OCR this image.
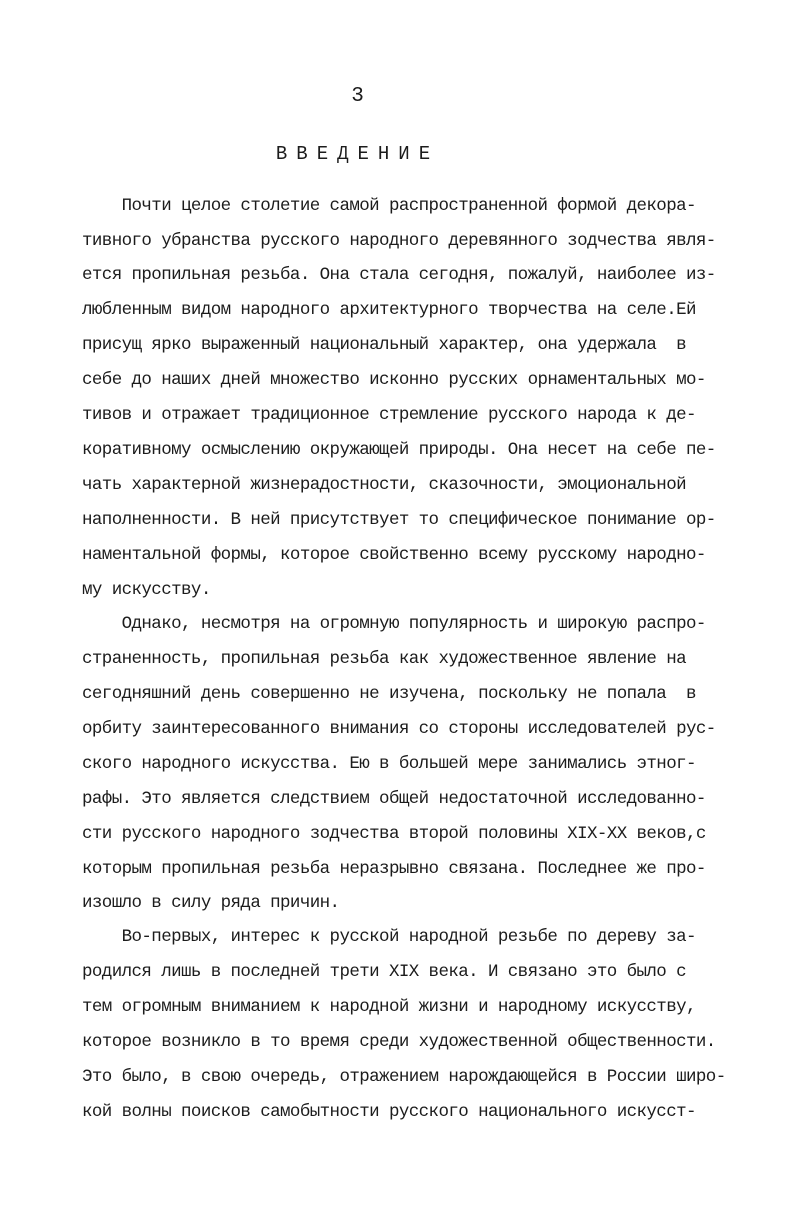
3
ВВЕДЕНИЕ
Почти целое столетие самой распространенной формой декора-
тивного убранства русского народного деревянного зодчества явля-
ется пропильная резьба. Она стала сегодня, пожалуй, наиболее из-
любленным видом народного архитектурного творчества на селе.Ей
присущ ярко выраженный национальный характер, она удержала  в
себе до наших дней множество исконно русских орнаментальных мо-
тивов и отражает традиционное стремление русского народа к де-
коративному осмыслению окружающей природы. Она несет на себе пе-
чать характерной жизнерадостности, сказочности, эмоциональной
наполненности. В ней присутствует то специфическое понимание ор-
наментальной формы, которое свойственно всему русскому народно-
му искусству.
Однако, несмотря на огромную популярность и широкую распро-
страненность, пропильная резьба как художественное явление на
сегодняшний день совершенно не изучена, поскольку не попала  в
орбиту заинтересованного внимания со стороны исследователей рус-
ского народного искусства. Ею в большей мере занимались этног-
рафы. Это является следствием общей недостаточной исследованно-
сти русского народного зодчества второй половины XIX-XX веков,с
которым пропильная резьба неразрывно связана. Последнее же про-
изошло в силу ряда причин.
Во-первых, интерес к русской народной резьбе по дереву за-
родился лишь в последней трети XIX века. И связано это было с
тем огромным вниманием к народной жизни и народному искусству,
которое возникло в то время среди художественной общественности.
Это было, в свою очередь, отражением нарождающейся в России широ-
кой волны поисков самобытности русского национального искусст-
